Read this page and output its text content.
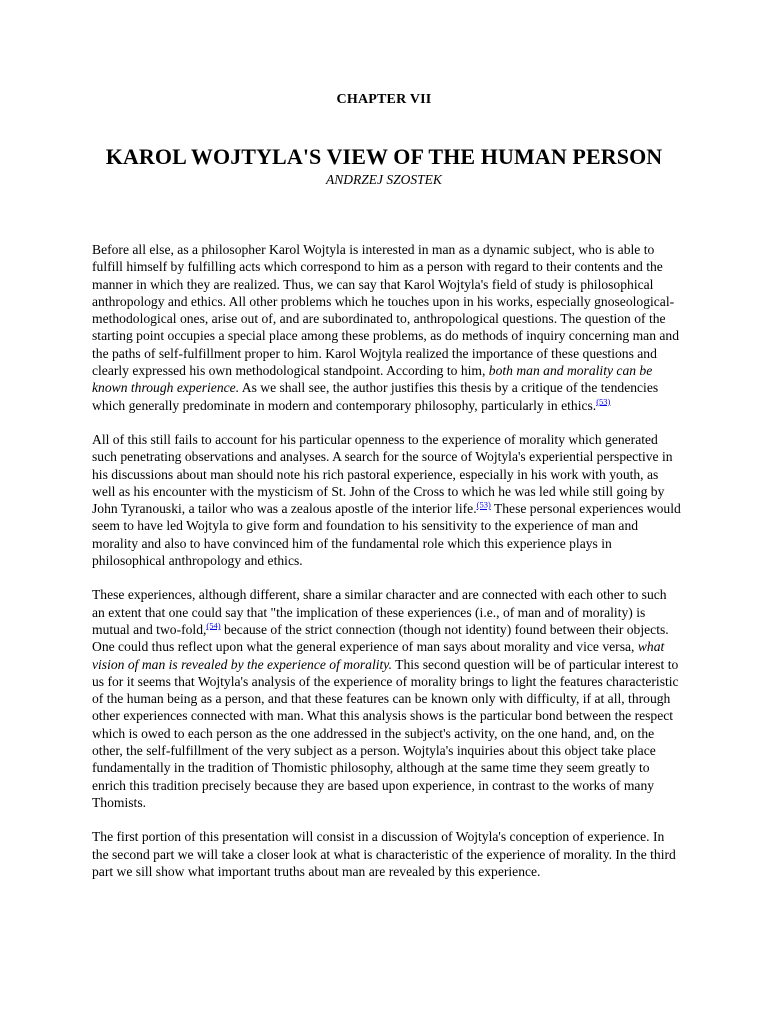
CHAPTER VII
KAROL WOJTYLA'S VIEW OF THE HUMAN PERSON
ANDRZEJ SZOSTEK

Before all else, as a philosopher Karol Wojtyla is interested in man as a dynamic subject, who is able to fulfill himself by fulfilling acts which correspond to him as a person with regard to their contents and the manner in which they are realized. Thus, we can say that Karol Wojtyla's field of study is philosophical anthropology and ethics. All other problems which he touches upon in his works, especially gnoseological-methodological ones, arise out of, and are subordinated to, anthropological questions. The question of the starting point occupies a special place among these problems, as do methods of inquiry concerning man and the paths of self-fulfillment proper to him. Karol Wojtyla realized the importance of these questions and clearly expressed his own methodological standpoint. According to him, both man and morality can be known through experience. As we shall see, the author justifies this thesis by a critique of the tendencies which generally predominate in modern and contemporary philosophy, particularly in ethics.$^{(53)}$

All of this still fails to account for his particular openness to the experience of morality which generated such penetrating observations and analyses. A search for the source of Wojtyla's experiential perspective in his discussions about man should note his rich pastoral experience, especially in his work with youth, as well as his encounter with the mysticism of St. John of the Cross to which he was led while still going by John Tyranouski, a tailor who was a zealous apostle of the interior life.$^{(53)}$ These personal experiences would seem to have led Wojtyla to give form and foundation to his sensitivity to the experience of man and morality and also to have convinced him of the fundamental role which this experience plays in philosophical anthropology and ethics.

These experiences, although different, share a similar character and are connected with each other to such an extent that one could say that "the implication of these experiences (i.e., of man and of morality) is mutual and two-fold,$^{(54)}$ because of the strict connection (though not identity) found between their objects. One could thus reflect upon what the general experience of man says about morality and vice versa, what vision of man is revealed by the experience of morality. This second question will be of particular interest to us for it seems that Wojtyla's analysis of the experience of morality brings to light the features characteristic of the human being as a person, and that these features can be known only with difficulty, if at all, through other experiences connected with man. What this analysis shows is the particular bond between the respect which is owed to each person as the one addressed in the subject's activity, on the one hand, and, on the other, the self-fulfillment of the very subject as a person. Wojtyla's inquiries about this object take place fundamentally in the tradition of Thomistic philosophy, although at the same time they seem greatly to enrich this tradition precisely because they are based upon experience, in contrast to the works of many Thomists.

The first portion of this presentation will consist in a discussion of Wojtyla's conception of experience. In the second part we will take a closer look at what is characteristic of the experience of morality. In the third part we sill show what important truths about man are revealed by this experience.
